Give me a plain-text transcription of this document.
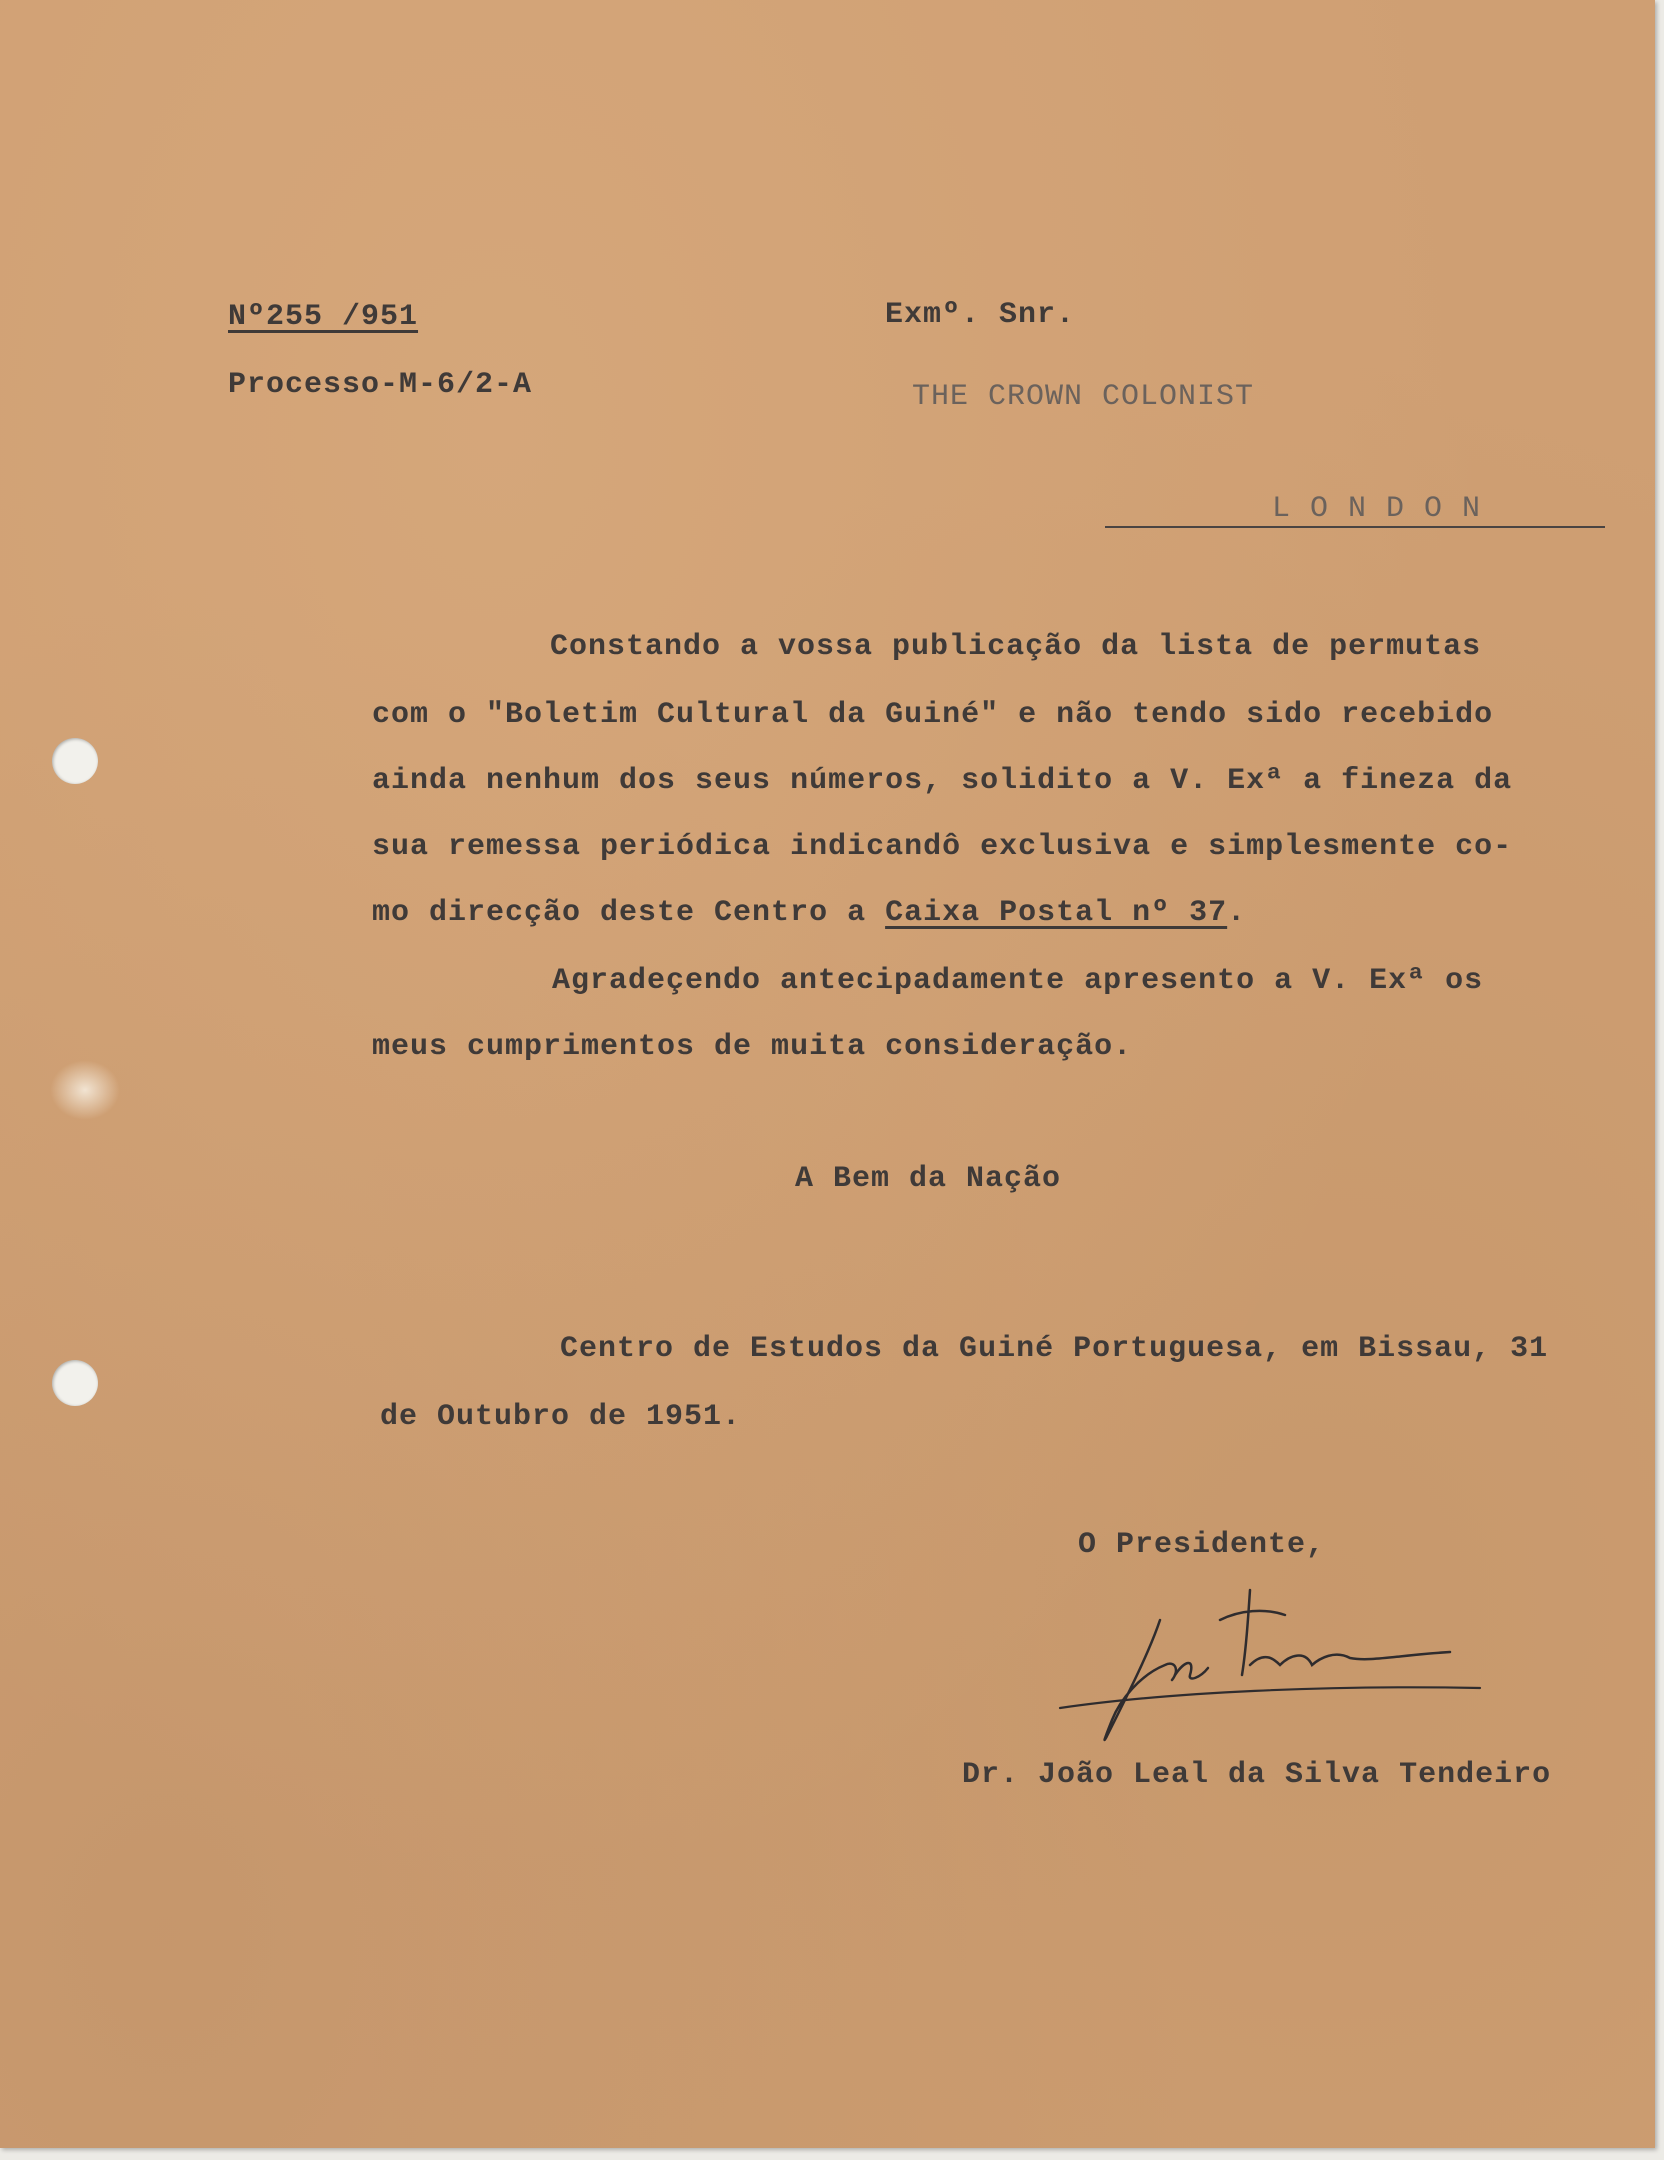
Nº255 /951
Processo-M-6/2-A
Exmº. Snr.
THE CROWN COLONIST
L O N D O N
Constando a vossa publicação da lista de permutas
com o "Boletim Cultural da Guiné" e não tendo sido recebido
ainda nenhum dos seus números, solidito a V. Exª a fineza da
sua remessa periódica indicandô exclusiva e simplesmente co-
mo direcção deste Centro a Caixa Postal nº 37.
Agradeçendo antecipadamente apresento a V. Exª os
meus cumprimentos de muita consideração.
A Bem da Nação
Centro de Estudos da Guiné Portuguesa, em Bissau, 31
de Outubro de 1951.
O Presidente,
Dr. João Leal da Silva Tendeiro
